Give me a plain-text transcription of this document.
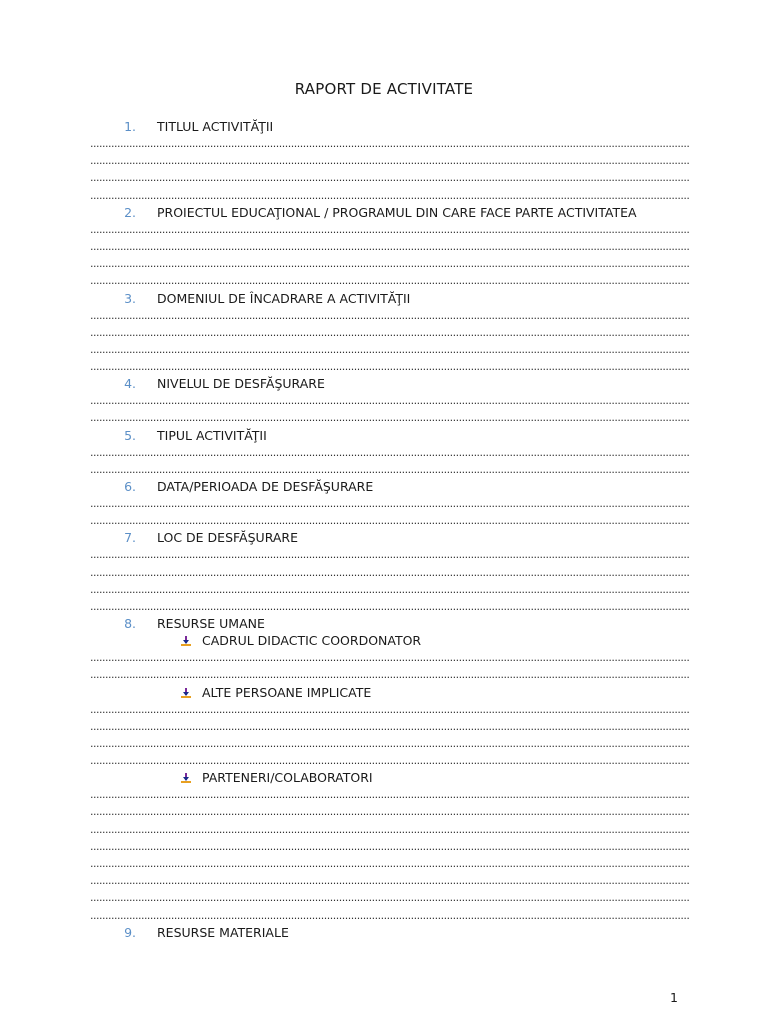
RAPORT DE ACTIVITATE
1. TITLUL ACTIVITĂŢII
........................................................................................................................................................................................................
........................................................................................................................................................................................................
........................................................................................................................................................................................................
........................................................................................................................................................................................................
2. PROIECTUL EDUCAŢIONAL / PROGRAMUL DIN CARE FACE PARTE ACTIVITATEA
........................................................................................................................................................................................................
........................................................................................................................................................................................................
........................................................................................................................................................................................................
........................................................................................................................................................................................................
3. DOMENIUL DE ÎNCADRARE A ACTIVITĂŢII
........................................................................................................................................................................................................
........................................................................................................................................................................................................
........................................................................................................................................................................................................
........................................................................................................................................................................................................
4. NIVELUL DE DESFĂŞURARE
........................................................................................................................................................................................................
........................................................................................................................................................................................................
5. TIPUL ACTIVITĂŢII
........................................................................................................................................................................................................
........................................................................................................................................................................................................
6. DATA/PERIOADA DE DESFĂŞURARE
........................................................................................................................................................................................................
........................................................................................................................................................................................................
7. LOC DE DESFĂŞURARE
........................................................................................................................................................................................................
........................................................................................................................................................................................................
........................................................................................................................................................................................................
........................................................................................................................................................................................................
8. RESURSE UMANE
CADRUL DIDACTIC COORDONATOR
........................................................................................................................................................................................................
........................................................................................................................................................................................................
ALTE PERSOANE IMPLICATE
........................................................................................................................................................................................................
........................................................................................................................................................................................................
........................................................................................................................................................................................................
........................................................................................................................................................................................................
PARTENERI/COLABORATORI
........................................................................................................................................................................................................
........................................................................................................................................................................................................
........................................................................................................................................................................................................
........................................................................................................................................................................................................
........................................................................................................................................................................................................
........................................................................................................................................................................................................
........................................................................................................................................................................................................
........................................................................................................................................................................................................
9. RESURSE MATERIALE
1
